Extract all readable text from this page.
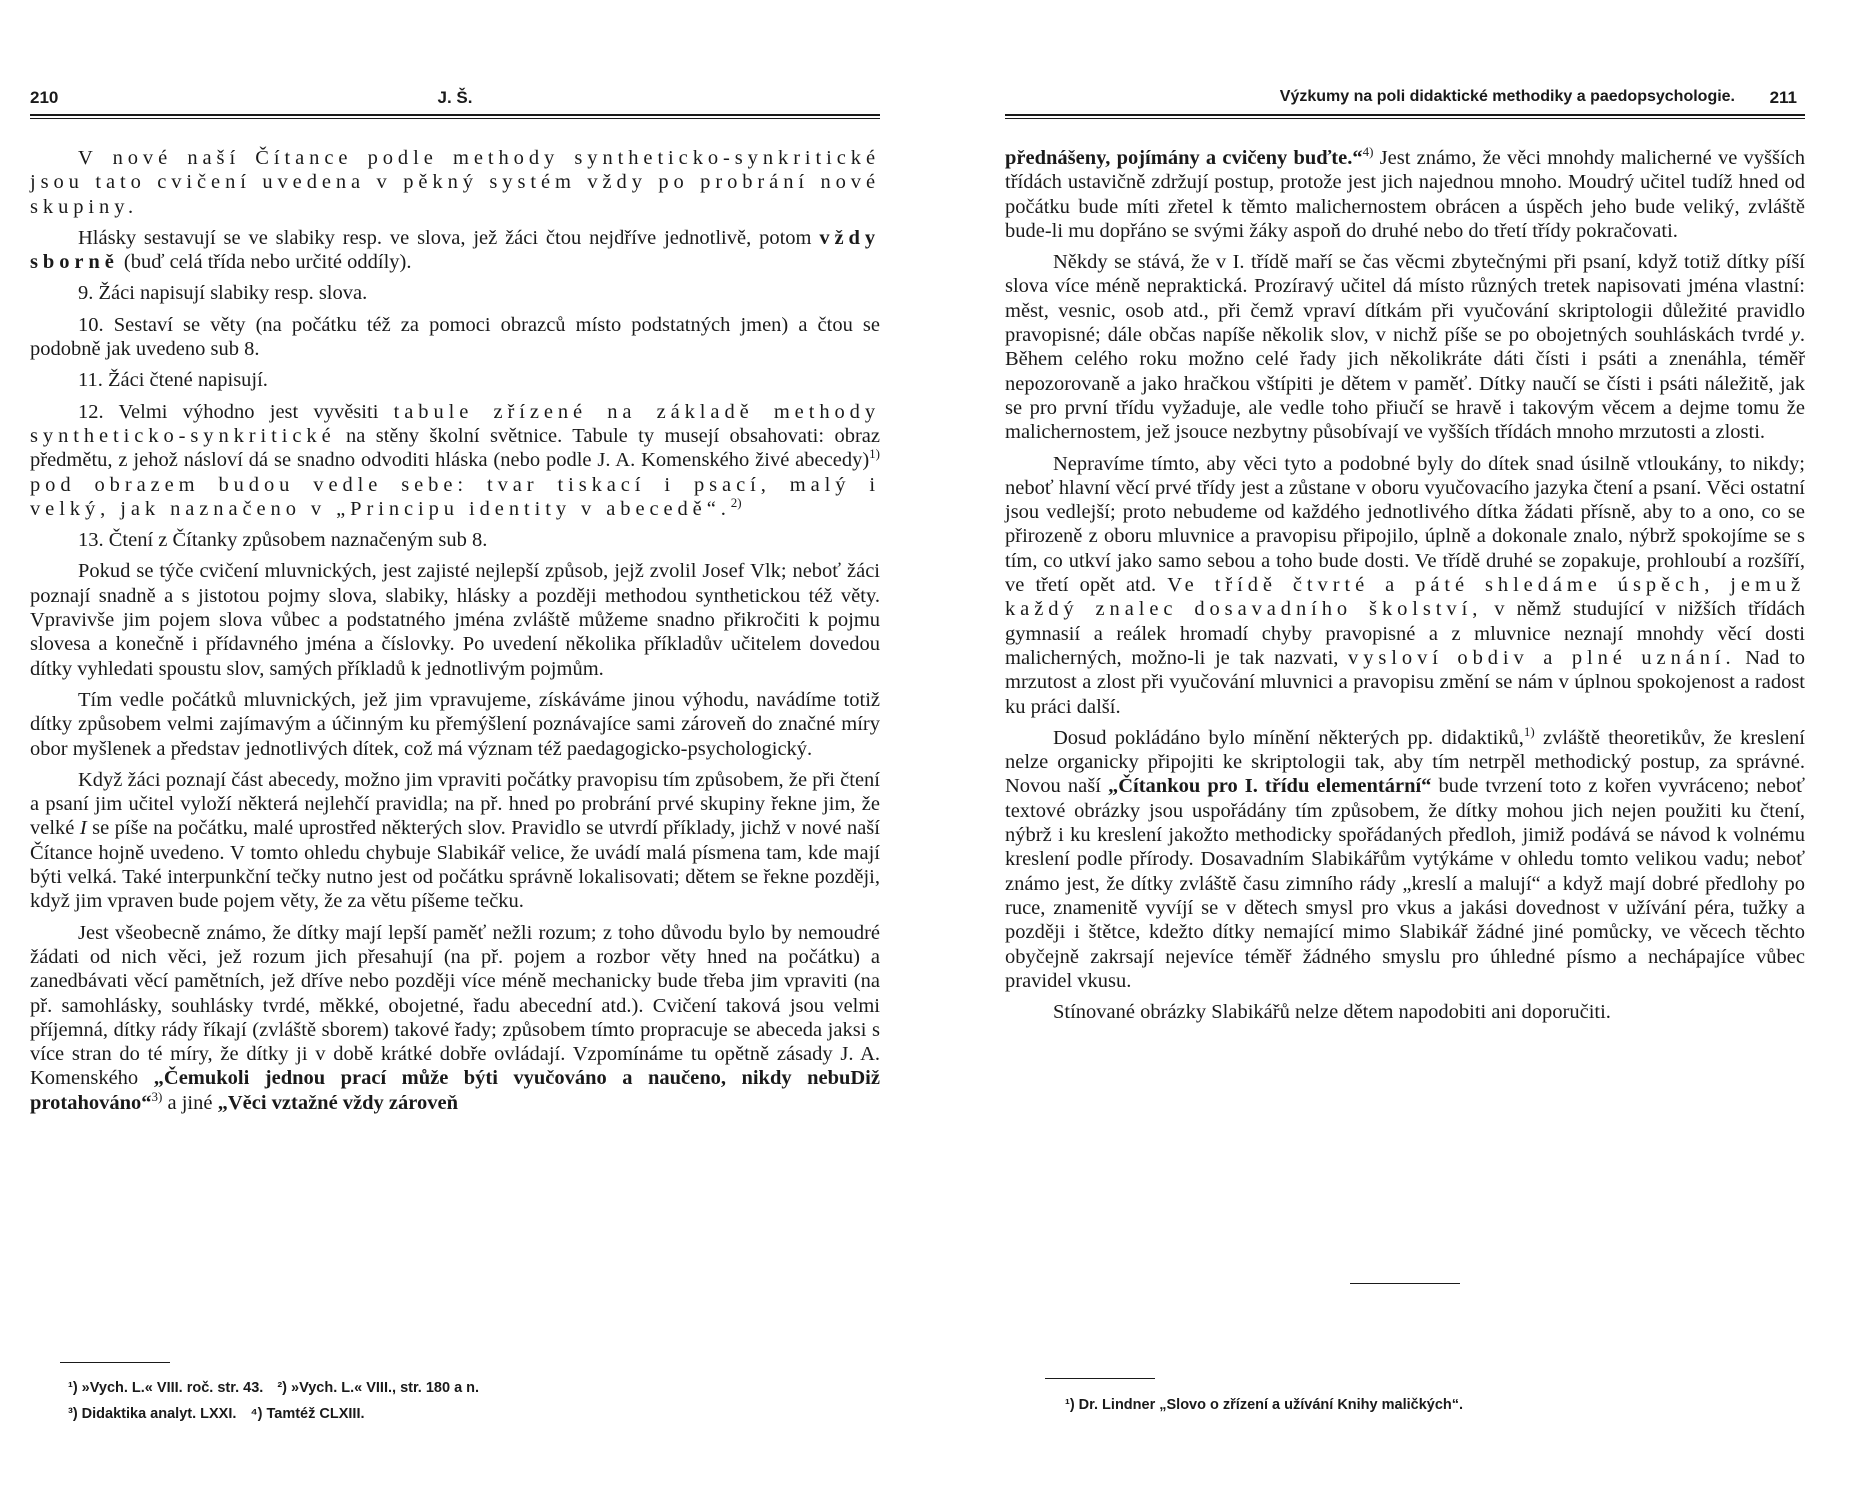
210	J. Š.

V nové naší Čítance podle methody syntheticko-synkritické jsou tato cvičení uvedena v pěkný systém vždy po probrání nové skupiny.

Hlásky sestavují se ve slabiky resp. ve slova, jež žáci čtou nejdříve jednotlivě, potom vždy sborně (buď celá třída nebo určité oddíly).

9. Žáci napisují slabiky resp. slova.

10. Sestaví se věty (na počátku též za pomoci obrazců místo podstatných jmen) a čtou se podobně jak uvedeno sub 8.

11. Žáci čtené napisují.

12. Velmi výhodno jest vyvěsiti tabule zřízené na základě methody syntheticko-synkritické na stěny školní světnice. Tabule ty musejí obsahovati: obraz předmětu, z jehož násloví dá se snadno odvoditi hláska (nebo podle J. A. Komenského živé abecedy)$^{1)}$ pod obrazem budou vedle sebe: tvar tiskací i psací, malý i velký, jak naznačeno v „Principu identity v abecedě“.$^{2)}$

13. Čtení z Čítanky způsobem naznačeným sub 8.

Pokud se týče cvičení mluvnických, jest zajisté nejlepší způsob, jejž zvolil Josef Vlk; neboť žáci poznají snadně a s jistotou pojmy slova, slabiky, hlásky a později methodou synthetickou též věty. Vpravivše jim pojem slova vůbec a podstatného jména zvláště můžeme snadno přikročiti k pojmu slovesa a konečně i přídavného jména a číslovky. Po uvedení několika příkladův učitelem dovedou dítky vyhledati spoustu slov, samých příkladů k jednotlivým pojmům.

Tím vedle počátků mluvnických, jež jim vpravujeme, získáváme jinou výhodu, navádíme totiž dítky způsobem velmi zajímavým a účinným ku přemýšlení poznávajíce sami zároveň do značné míry obor myšlenek a představ jednotlivých dítek, což má význam též paedagogicko-psychologický.

Když žáci poznají část abecedy, možno jim vpraviti počátky pravopisu tím způsobem, že při čtení a psaní jim učitel vyloží některá nejlehčí pravidla; na př. hned po probrání prvé skupiny řekne jim, že velké I se píše na počátku, malé uprostřed některých slov. Pravidlo se utvrdí příklady, jichž v nové naší Čítance hojně uvedeno. V tomto ohledu chybuje Slabikář velice, že uvádí malá písmena tam, kde mají býti velká. Také interpunkční tečky nutno jest od počátku správně lokalisovati; dětem se řekne později, když jim vpraven bude pojem věty, že za větu píšeme tečku.

Jest všeobecně známo, že dítky mají lepší paměť nežli rozum; z toho důvodu bylo by nemoudré žádati od nich věci, jež rozum jich přesahují (na př. pojem a rozbor věty hned na počátku) a zanedbávati věcí pamětních, jež dříve nebo později více méně mechanicky bude třeba jim vpraviti (na př. samohlásky, souhlásky tvrdé, měkké, obojetné, řadu abecední atd.). Cvičení taková jsou velmi příjemná, dítky rády říkají (zvláště sborem) takové řady; způsobem tímto propracuje se abeceda jaksi s více stran do té míry, že dítky ji v době krátké dobře ovládají. Vzpomínáme tu opětně zásady J. A. Komenského „Čemukoli jednou prací může býti vyučováno a naučeno, nikdy nebuDiž protahováno“$^{3)}$ a jiné „Věci vztažné vždy zároveň

¹) »Vych. L.« VIII. roč. str. 43. ²) »Vych. L.« VIII., str. 180 a n.
³) Didaktika analyt. LXXI. ⁴) Tamtéž CLXIII.
Výzkumy na poli didaktické methodiky a paedopsychologie. 211

přednášeny, pojímány a cvičeny buďte.“$^{4)}$ Jest známo, že věci mnohdy malicherné ve vyšších třídách ustavičně zdržují postup, protože jest jich najednou mnoho. Moudrý učitel tudíž hned od počátku bude míti zřetel k těmto malichernostem obrácen a úspěch jeho bude veliký, zvláště bude-li mu dopřáno se svými žáky aspoň do druhé nebo do třetí třídy pokračovati.

Někdy se stává, že v I. třídě maří se čas věcmi zbytečnými při psaní, když totiž dítky píší slova více méně nepraktická. Prozíravý učitel dá místo různých tretek napisovati jména vlastní: měst, vesnic, osob atd., při čemž vpraví dítkám při vyučování skriptologii důležité pravidlo pravopisné; dále občas napíše několik slov, v nichž píše se po obojetných souhláskách tvrdé y. Během celého roku možno celé řady jich několikráte dáti čísti i psáti a znenáhla, téměř nepozorovaně a jako hračkou vštípiti je dětem v paměť. Dítky naučí se čísti i psáti náležitě, jak se pro první třídu vyžaduje, ale vedle toho přiučí se hravě i takovým věcem a dejme tomu že malichernostem, jež jsouce nezbytny působívají ve vyšších třídách mnoho mrzutosti a zlosti.

Nepravíme tímto, aby věci tyto a podobné byly do dítek snad úsilně vtloukány, to nikdy; neboť hlavní věcí prvé třídy jest a zůstane v oboru vyučovacího jazyka čtení a psaní. Věci ostatní jsou vedlejší; proto nebudeme od každého jednotlivého dítka žádati přísně, aby to a ono, co se přirozeně z oboru mluvnice a pravopisu připojilo, úplně a dokonale znalo, nýbrž spokojíme se s tím, co utkví jako samo sebou a toho bude dosti. Ve třídě druhé se zopakuje, prohloubí a rozšíří, ve třetí opět atd. Ve třídě čtvrté a páté shledáme úspěch, jemuž každý znalec dosavadního školství, v němž studující v nižších třídách gymnasií a reálek hromadí chyby pravopisné a z mluvnice neznají mnohdy věcí dosti malicherných, možno-li je tak nazvati, vysloví obdiv a plné uznání. Nad to mrzutost a zlost při vyučování mluvnici a pravopisu změní se nám v úplnou spokojenost a radost ku práci další.

Dosud pokládáno bylo mínění některých pp. didaktiků,$^{1)}$ zvláště theoretikův, že kreslení nelze organicky připojiti ke skriptologii tak, aby tím netrpěl methodický postup, za správné. Novou naší „Čítankou pro I. třídu elementární“ bude tvrzení toto z kořen vyvráceno; neboť textové obrázky jsou uspořádány tím způsobem, že dítky mohou jich nejen použiti ku čtení, nýbrž i ku kreslení jakožto methodicky spořádaných předloh, jimiž podává se návod k volnému kreslení podle přírody. Dosavadním Slabikářům vytýkáme v ohledu tomto velikou vadu; neboť známo jest, že dítky zvláště času zimního rády „kreslí a malují“ a když mají dobré předlohy po ruce, znamenitě vyvíjí se v dětech smysl pro vkus a jakási dovednost v užívání péra, tužky a později i štětce, kdežto dítky nemající mimo Slabikář žádné jiné pomůcky, ve věcech těchto obyčejně zakrsají nejevíce téměř žádného smyslu pro úhledné písmo a nechápajíce vůbec pravidel vkusu.

Stínované obrázky Slabikářů nelze dětem napodobiti ani doporučiti.

¹) Dr. Lindner „Slovo o zřízení a užívání Knihy maličkých“.
